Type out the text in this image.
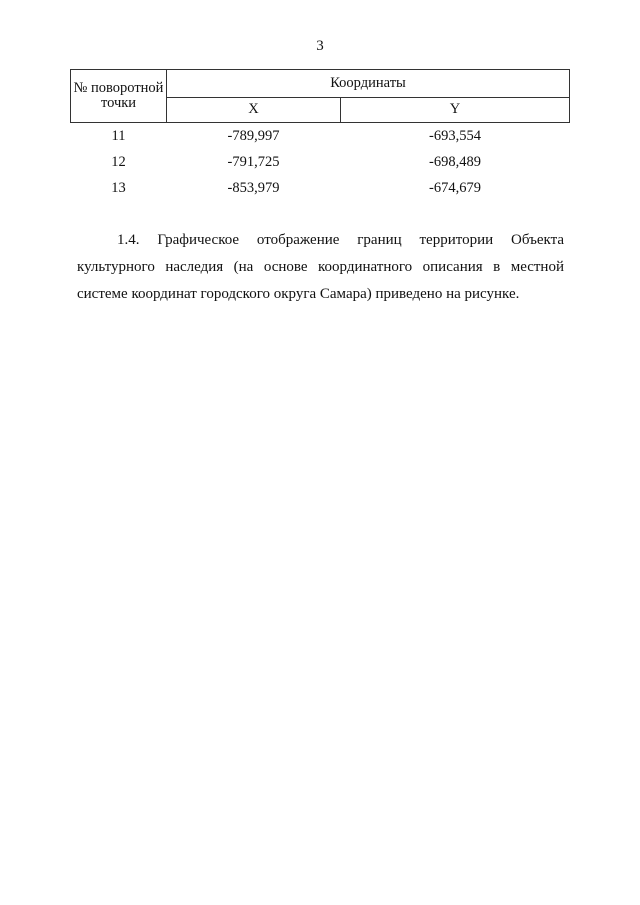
3
№ поворотной точки	Координаты	
	X	Y
11	-789,997	-693,554
12	-791,725	-698,489
13	-853,979	-674,679

1.4. Графическое отображение границ территории Объекта культурного наследия (на основе координатного описания в местной системе координат городского округа Самара) приведено на рисунке.
